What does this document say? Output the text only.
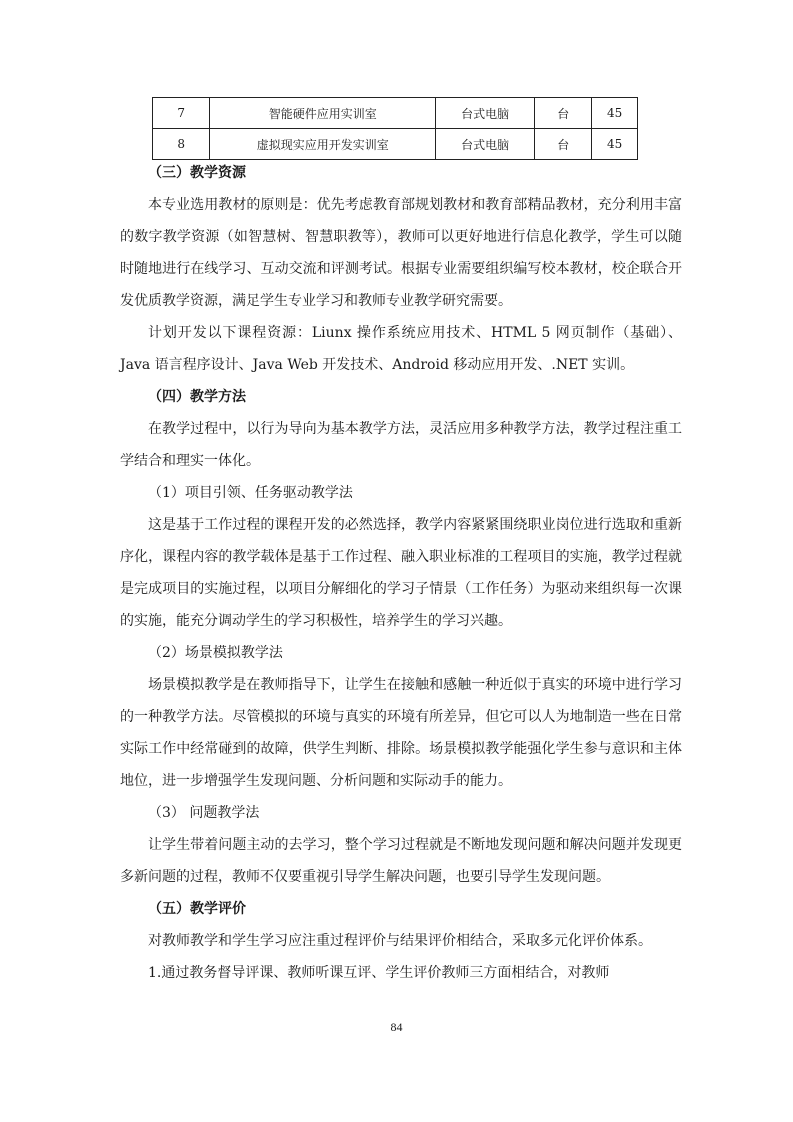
7	智能硬件应用实训室	台式电脑	台	45
8	虚拟现实应用开发实训室	台式电脑	台	45
（三）教学资源

本专业选用教材的原则是：优先考虑教育部规划教材和教育部精品教材，充分利用丰富的数字教学资源（如智慧树、智慧职教等），教师可以更好地进行信息化教学，学生可以随时随地进行在线学习、互动交流和评测考试。根据专业需要组织编写校本教材，校企联合开发优质教学资源，满足学生专业学习和教师专业教学研究需要。

计划开发以下课程资源：Liunx 操作系统应用技术、HTML 5 网页制作（基础）、Java 语言程序设计、Java Web 开发技术、Android 移动应用开发、.NET 实训。

（四）教学方法

在教学过程中，以行为导向为基本教学方法，灵活应用多种教学方法，教学过程注重工学结合和理实一体化。

（1）项目引领、任务驱动教学法

这是基于工作过程的课程开发的必然选择，教学内容紧紧围绕职业岗位进行选取和重新序化，课程内容的教学载体是基于工作过程、融入职业标准的工程项目的实施，教学过程就是完成项目的实施过程，以项目分解细化的学习子情景（工作任务）为驱动来组织每一次课的实施，能充分调动学生的学习积极性，培养学生的学习兴趣。

（2）场景模拟教学法

场景模拟教学是在教师指导下，让学生在接触和感触一种近似于真实的环境中进行学习的一种教学方法。尽管模拟的环境与真实的环境有所差异，但它可以人为地制造一些在日常实际工作中经常碰到的故障，供学生判断、排除。场景模拟教学能强化学生参与意识和主体地位，进一步增强学生发现问题、分析问题和实际动手的能力。

（3） 问题教学法

让学生带着问题主动的去学习，整个学习过程就是不断地发现问题和解决问题并发现更多新问题的过程，教师不仅要重视引导学生解决问题，也要引导学生发现问题。

（五）教学评价

对教师教学和学生学习应注重过程评价与结果评价相结合，采取多元化评价体系。

1.通过教务督导评课、教师听课互评、学生评价教师三方面相结合，对教师

84
